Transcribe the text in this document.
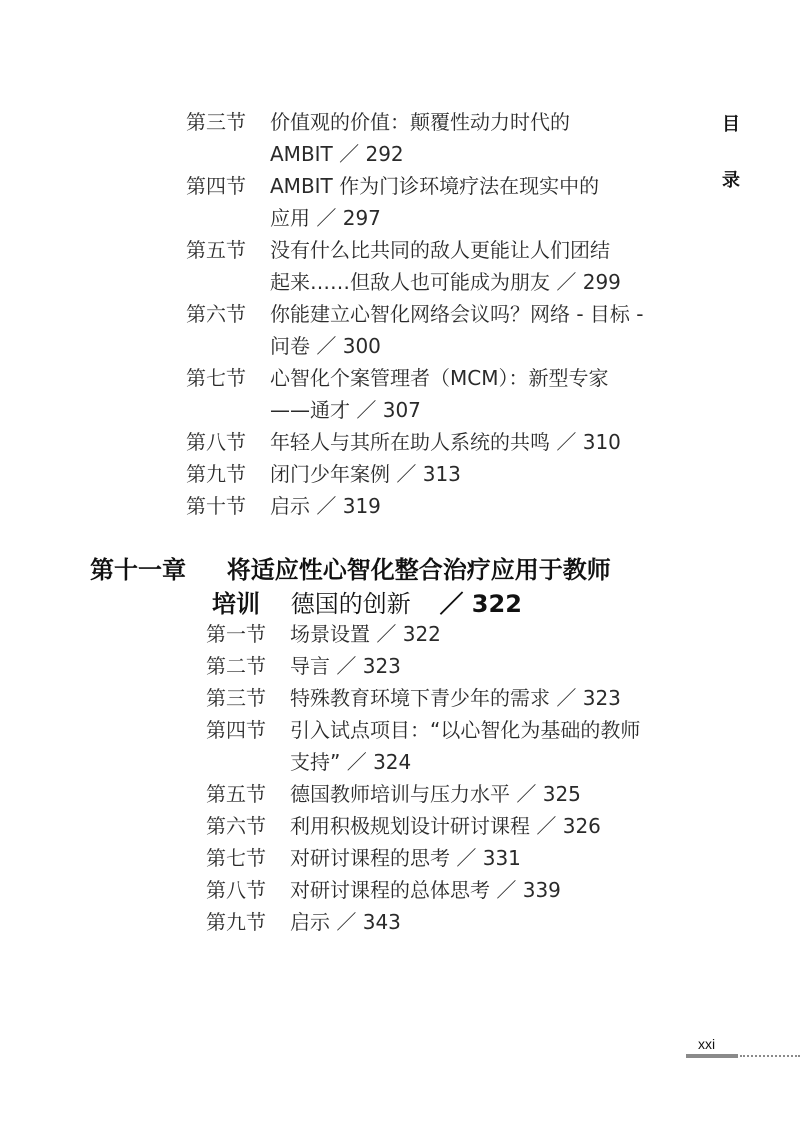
目
录
第三节 价值观的价值：颠覆性动力时代的
AMBIT ／ 292
第四节 AMBIT 作为门诊环境疗法在现实中的
应用 ／ 297
第五节 没有什么比共同的敌人更能让人们团结
起来……但敌人也可能成为朋友 ／ 299
第六节 你能建立心智化网络会议吗？网络 - 目标 -
问卷 ／ 300
第七节 心智化个案管理者（MCM）：新型专家
——通才 ／ 307
第八节 年轻人与其所在助人系统的共鸣 ／ 310
第九节 闭门少年案例 ／ 313
第十节 启示 ／ 319
第十一章 将适应性心智化整合治疗应用于教师
培训 德国的创新 ／ 322
第一节 场景设置 ／ 322
第二节 导言 ／ 323
第三节 特殊教育环境下青少年的需求 ／ 323
第四节 引入试点项目：“以心智化为基础的教师
支持” ／ 324
第五节 德国教师培训与压力水平 ／ 325
第六节 利用积极规划设计研讨课程 ／ 326
第七节 对研讨课程的思考 ／ 331
第八节 对研讨课程的总体思考 ／ 339
第九节 启示 ／ 343
xxi
